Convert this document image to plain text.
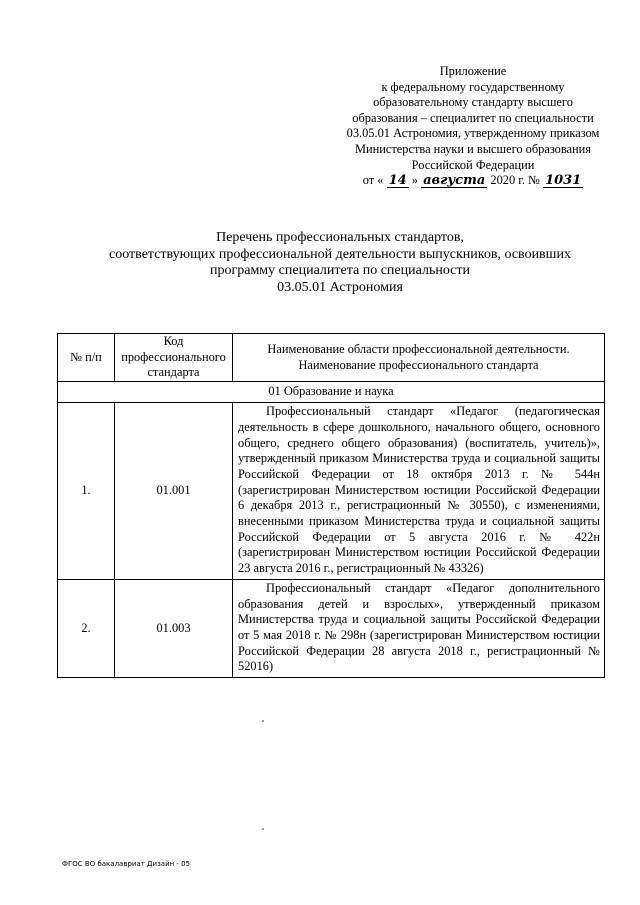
Приложение
к федеральному государственному
образовательному стандарту высшего
образования – специалитет по специальности
03.05.01 Астрономия, утвержденному приказом
Министерства науки и высшего образования
Российской Федерации
от « 14 » августа 2020 г. № 1031
Перечень профессиональных стандартов,
соответствующих профессиональной деятельности выпускников, освоивших
программу специалитета по специальности
03.05.01 Астрономия
№ п/п	Код профессионального стандарта	Наименование области профессиональной деятельности. Наименование профессионального стандарта
01 Образование и наука		
1.	01.001	Профессиональный стандарт «Педагог (педагогическая деятельность в сфере дошкольного, начального общего, основного общего, среднего общего образования) (воспитатель, учитель)», утвержденный приказом Министерства труда и социальной защиты Российской Федерации от 18 октября 2013 г. № 544н (зарегистрирован Министерством юстиции Российской Федерации 6 декабря 2013 г., регистрационный № 30550), с изменениями, внесенными приказом Министерства труда и социальной защиты Российской Федерации от 5 августа 2016 г. № 422н (зарегистрирован Министерством юстиции Российской Федерации 23 августа 2016 г., регистрационный № 43326)

2.	01.003	Профессиональный стандарт «Педагог дополнительного образования детей и взрослых», утвержденный приказом Министерства труда и социальной защиты Российской Федерации от 5 мая 2018 г. № 298н (зарегистрирован Министерством юстиции Российской Федерации 28 августа 2018 г., регистрационный № 52016)

ФГОС ВО бакалавриат Дизайн - 05
